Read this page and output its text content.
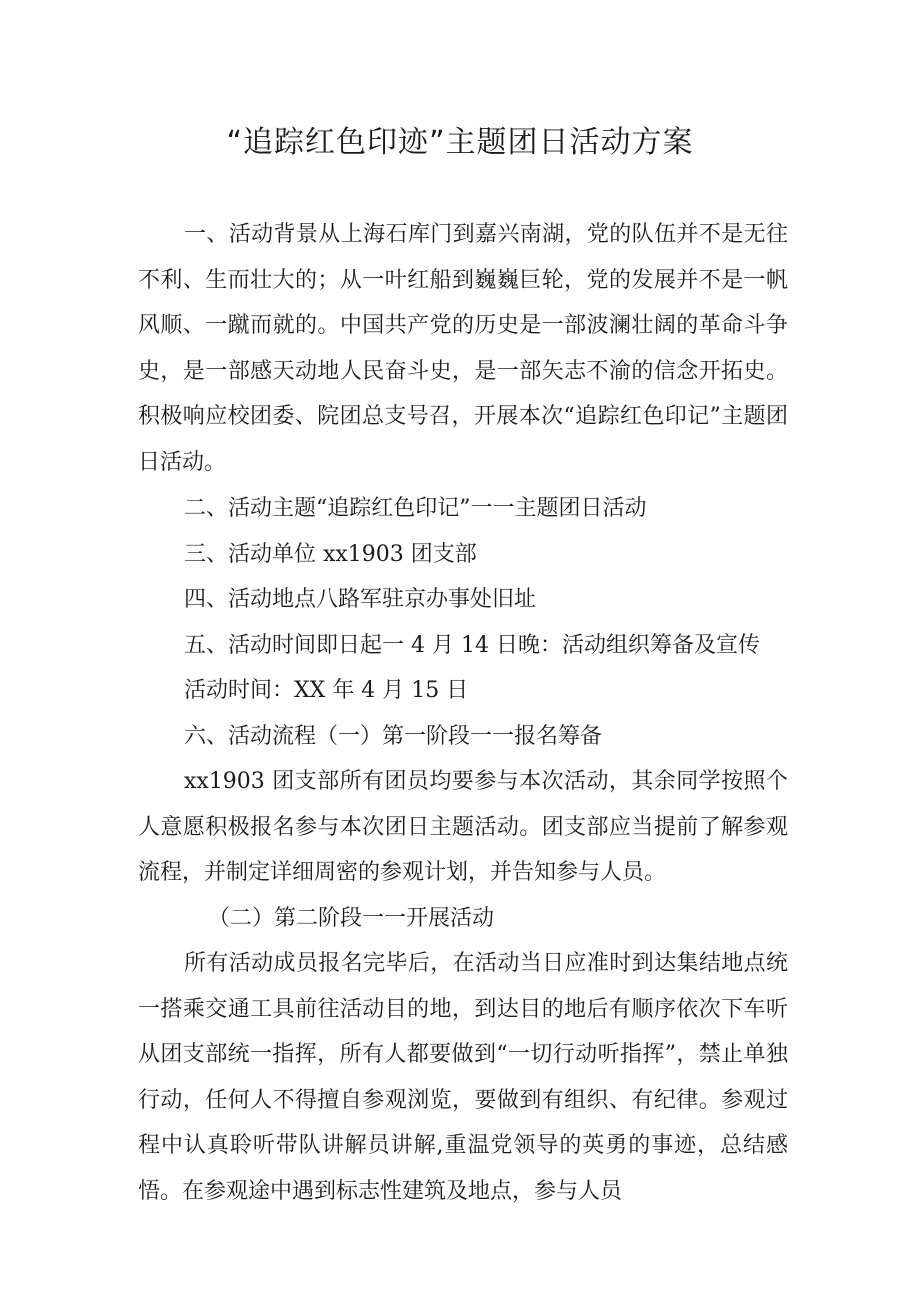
“追踪红色印迹”主题团日活动方案

一、活动背景从上海石库门到嘉兴南湖，党的队伍并不是无往不利、生而壮大的；从一叶红船到巍巍巨轮，党的发展并不是一帆风顺、一蹴而就的。中国共产党的历史是一部波澜壮阔的革命斗争史，是一部感天动地人民奋斗史，是一部矢志不渝的信念开拓史。积极响应校团委、院团总支号召，开展本次“追踪红色印记”主题团日活动。

二、活动主题“追踪红色印记”一一主题团日活动

三、活动单位 xx1903 团支部

四、活动地点八路军驻京办事处旧址

五、活动时间即日起一 4 月 14 日晚：活动组织筹备及宣传

活动时间：XX 年 4 月 15 日

六、活动流程（一）第一阶段一一报名筹备

xx1903 团支部所有团员均要参与本次活动，其余同学按照个人意愿积极报名参与本次团日主题活动。团支部应当提前了解参观流程，并制定详细周密的参观计划，并告知参与人员。

（二）第二阶段一一开展活动

所有活动成员报名完毕后，在活动当日应准时到达集结地点统一搭乘交通工具前往活动目的地，到达目的地后有顺序依次下车听从团支部统一指挥，所有人都要做到“一切行动听指挥”，禁止单独行动，任何人不得擅自参观浏览，要做到有组织、有纪律。参观过程中认真聆听带队讲解员讲解,重温党领导的英勇的事迹，总结感悟。在参观途中遇到标志性建筑及地点，参与人员
